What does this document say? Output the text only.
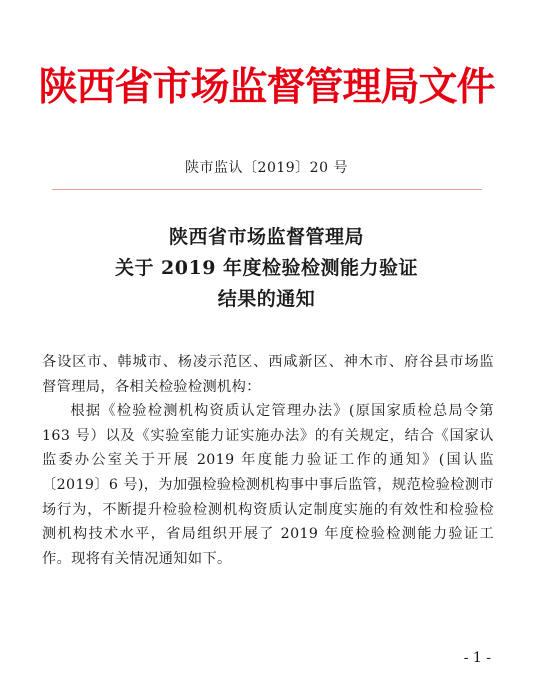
陕西省市场监督管理局文件
陕市监认〔2019〕20 号
陕西省市场监督管理局
关于 2019 年度检验检测能力验证
结果的通知

各设区市、韩城市、杨凌示范区、西咸新区、神木市、府谷县市场监督管理局，各相关检验检测机构：

根据《检验检测机构资质认定管理办法》(原国家质检总局令第 163 号）以及《实验室能力证实施办法》的有关规定，结合《国家认监委办公室关于开展 2019 年度能力验证工作的通知》(国认监〔2019〕6 号)，为加强检验检测机构事中事后监管，规范检验检测市场行为，不断提升检验检测机构资质认定制度实施的有效性和检验检测机构技术水平，省局组织开展了 2019 年度检验检测能力验证工作。现将有关情况通知如下。

- 1 -
